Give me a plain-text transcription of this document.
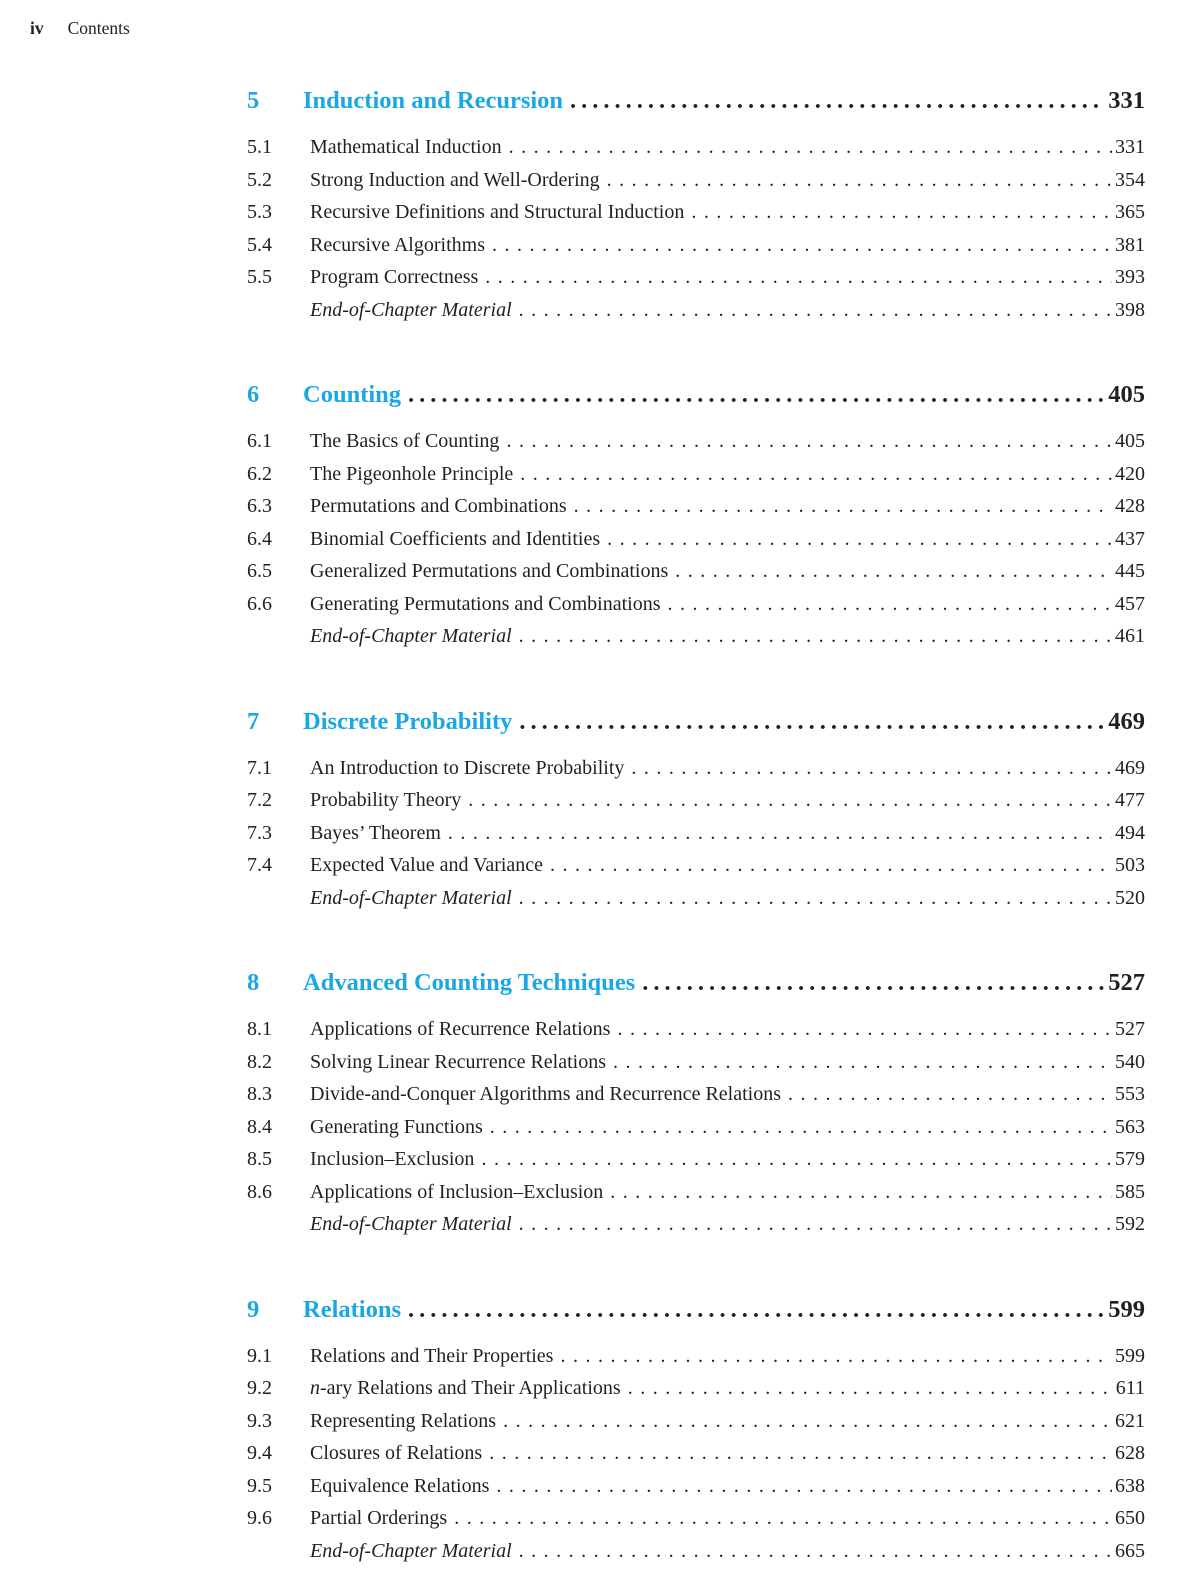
iv Contents
5	Induction and Recursion .....	331
5.1	Mathematical Induction .....	331
5.2	Strong Induction and Well-Ordering .....	354
5.3	Recursive Definitions and Structural Induction .....	365
5.4	Recursive Algorithms .....	381
5.5	Program Correctness .....	393
End-of-Chapter Material .....	398
6	Counting .....	405
6.1	The Basics of Counting .....	405
6.2	The Pigeonhole Principle .....	420
6.3	Permutations and Combinations .....	428
6.4	Binomial Coefficients and Identities .....	437
6.5	Generalized Permutations and Combinations .....	445
6.6	Generating Permutations and Combinations .....	457
End-of-Chapter Material .....	461
7	Discrete Probability .....	469
7.1	An Introduction to Discrete Probability .....	469
7.2	Probability Theory .....	477
7.3	Bayes’ Theorem .....	494
7.4	Expected Value and Variance .....	503
End-of-Chapter Material .....	520
8	Advanced Counting Techniques .....	527
8.1	Applications of Recurrence Relations .....	527
8.2	Solving Linear Recurrence Relations .....	540
8.3	Divide-and-Conquer Algorithms and Recurrence Relations .....	553
8.4	Generating Functions .....	563
8.5	Inclusion–Exclusion .....	579
8.6	Applications of Inclusion–Exclusion .....	585
End-of-Chapter Material .....	592
9	Relations .....	599
9.1	Relations and Their Properties .....	599
9.2	n-ary Relations and Their Applications .....	611
9.3	Representing Relations .....	621
9.4	Closures of Relations .....	628
9.5	Equivalence Relations .....	638
9.6	Partial Orderings .....	650
End-of-Chapter Material .....	665
